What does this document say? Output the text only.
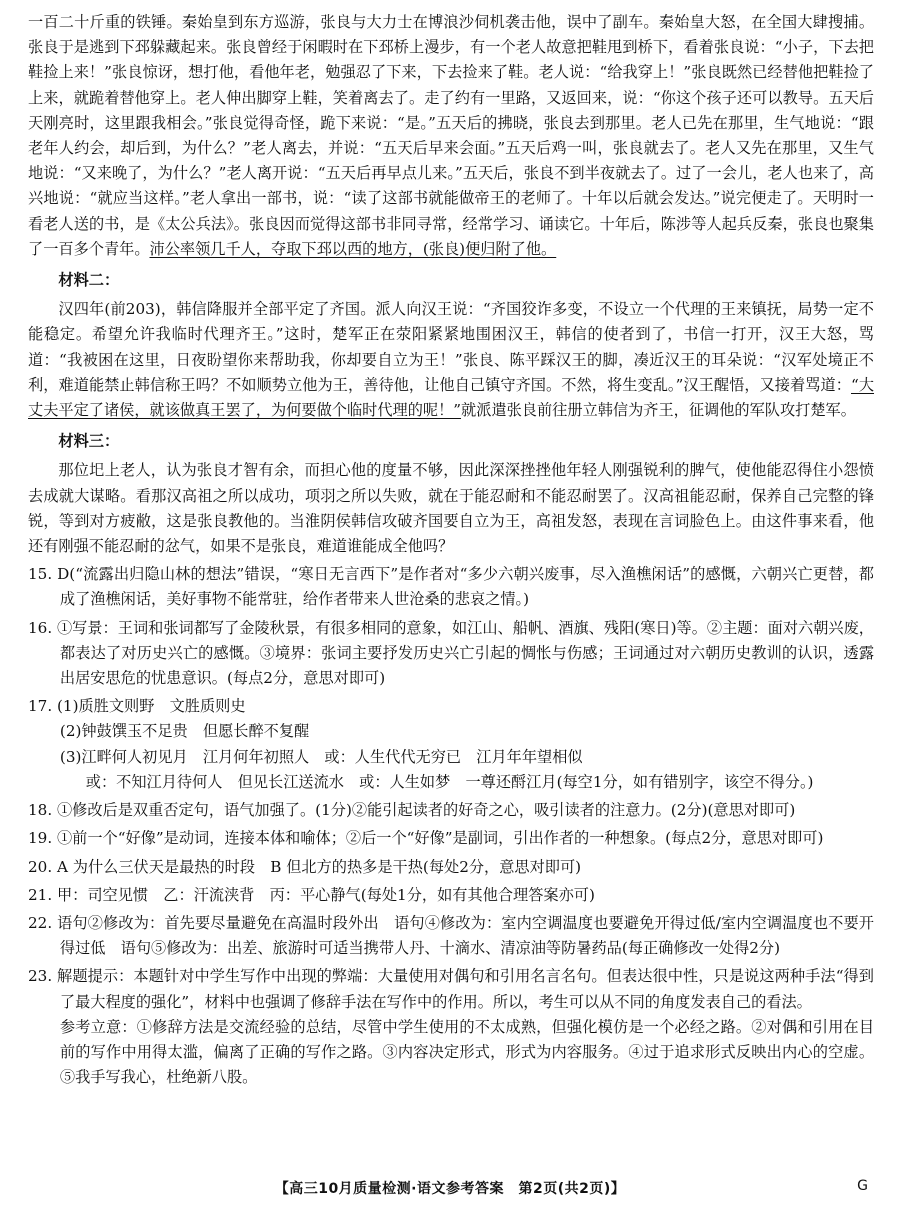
一百二十斤重的铁锤。秦始皇到东方巡游，张良与大力士在博浪沙伺机袭击他，误中了副车。秦始皇大怒，在全国大肆搜捕。张良于是逃到下邳躲藏起来。张良曾经于闲暇时在下邳桥上漫步，有一个老人故意把鞋甩到桥下，看着张良说：“小子，下去把鞋捡上来！”张良惊讶，想打他，看他年老，勉强忍了下来，下去捡来了鞋。老人说：“给我穿上！”张良既然已经替他把鞋捡了上来，就跪着替他穿上。老人伸出脚穿上鞋，笑着离去了。走了约有一里路，又返回来，说：“你这个孩子还可以教导。五天后天刚亮时，这里跟我相会。”张良觉得奇怪，跪下来说：“是。”五天后的拂晓，张良去到那里。老人已先在那里，生气地说：“跟老年人约会，却后到，为什么？”老人离去，并说：“五天后早来会面。”五天后鸡一叫，张良就去了。老人又先在那里，又生气地说：“又来晚了，为什么？”老人离开说：“五天后再早点儿来。”五天后，张良不到半夜就去了。过了一会儿，老人也来了，高兴地说：“就应当这样。”老人拿出一部书，说：“读了这部书就能做帝王的老师了。十年以后就会发达。”说完便走了。天明时一看老人送的书，是《太公兵法》。张良因而觉得这部书非同寻常，经常学习、诵读它。十年后，陈涉等人起兵反秦，张良也聚集了一百多个青年。沛公率领几千人，夺取下邳以西的地方，(张良)便归附了他。

材料二：

汉四年(前203)，韩信降服并全部平定了齐国。派人向汉王说：“齐国狡诈多变，不设立一个代理的王来镇抚，局势一定不能稳定。希望允许我临时代理齐王。”这时，楚军正在荥阳紧紧地围困汉王，韩信的使者到了，书信一打开，汉王大怒，骂道：“我被困在这里，日夜盼望你来帮助我，你却要自立为王！”张良、陈平踩汉王的脚，凑近汉王的耳朵说：“汉军处境正不利，难道能禁止韩信称王吗？不如顺势立他为王，善待他，让他自己镇守齐国。不然，将生变乱。”汉王醒悟，又接着骂道：“大丈夫平定了诸侯，就该做真王罢了，为何要做个临时代理的呢！”就派遣张良前往册立韩信为齐王，征调他的军队攻打楚军。

材料三：

那位圯上老人，认为张良才智有余，而担心他的度量不够，因此深深挫挫他年轻人刚强锐利的脾气，使他能忍得住小怨愤去成就大谋略。看那汉高祖之所以成功，项羽之所以失败，就在于能忍耐和不能忍耐罢了。汉高祖能忍耐，保养自己完整的锋锐，等到对方疲敝，这是张良教他的。当淮阴侯韩信攻破齐国要自立为王，高祖发怒，表现在言词脸色上。由这件事来看，他还有刚强不能忍耐的忿气，如果不是张良，难道谁能成全他吗？

15. D(“流露出归隐山林的想法”错误，“寒日无言西下”是作者对“多少六朝兴废事，尽入渔樵闲话”的感慨，六朝兴亡更替，都成了渔樵闲话，美好事物不能常驻，给作者带来人世沧桑的悲哀之情。)

16. ①写景：王词和张词都写了金陵秋景，有很多相同的意象，如江山、船帆、酒旗、残阳(寒日)等。②主题：面对六朝兴废，都表达了对历史兴亡的感慨。③境界：张词主要抒发历史兴亡引起的惆怅与伤感；王词通过对六朝历史教训的认识，透露出居安思危的忧患意识。(每点2分，意思对即可)

17. (1)质胜文则野　文胜质则史

(2)钟鼓馔玉不足贵　但愿长醉不复醒

(3)江畔何人初见月　江月何年初照人　或：人生代代无穷已　江月年年望相似

或：不知江月待何人　但见长江送流水　或：人生如梦　一尊还酹江月(每空1分，如有错别字，该空不得分。)

18. ①修改后是双重否定句，语气加强了。(1分)②能引起读者的好奇之心，吸引读者的注意力。(2分)(意思对即可)

19. ①前一个“好像”是动词，连接本体和喻体；②后一个“好像”是副词，引出作者的一种想象。(每点2分，意思对即可)

20. A 为什么三伏天是最热的时段　B 但北方的热多是干热(每处2分，意思对即可)

21. 甲：司空见惯　乙：汗流浃背　丙：平心静气(每处1分，如有其他合理答案亦可)

22. 语句②修改为：首先要尽量避免在高温时段外出　语句④修改为：室内空调温度也要避免开得过低/室内空调温度也不要开得过低　语句⑤修改为：出差、旅游时可适当携带人丹、十滴水、清凉油等防暑药品(每正确修改一处得2分)

23. 解题提示：本题针对中学生写作中出现的弊端：大量使用对偶句和引用名言名句。但表达很中性，只是说这两种手法“得到了最大程度的强化”，材料中也强调了修辞手法在写作中的作用。所以，考生可以从不同的角度发表自己的看法。

参考立意：①修辞方法是交流经验的总结，尽管中学生使用的不太成熟，但强化模仿是一个必经之路。②对偶和引用在目前的写作中用得太滥，偏离了正确的写作之路。③内容决定形式，形式为内容服务。④过于追求形式反映出内心的空虚。⑤我手写我心，杜绝新八股。

【高三10月质量检测·语文参考答案　第2页(共2页)】	G
